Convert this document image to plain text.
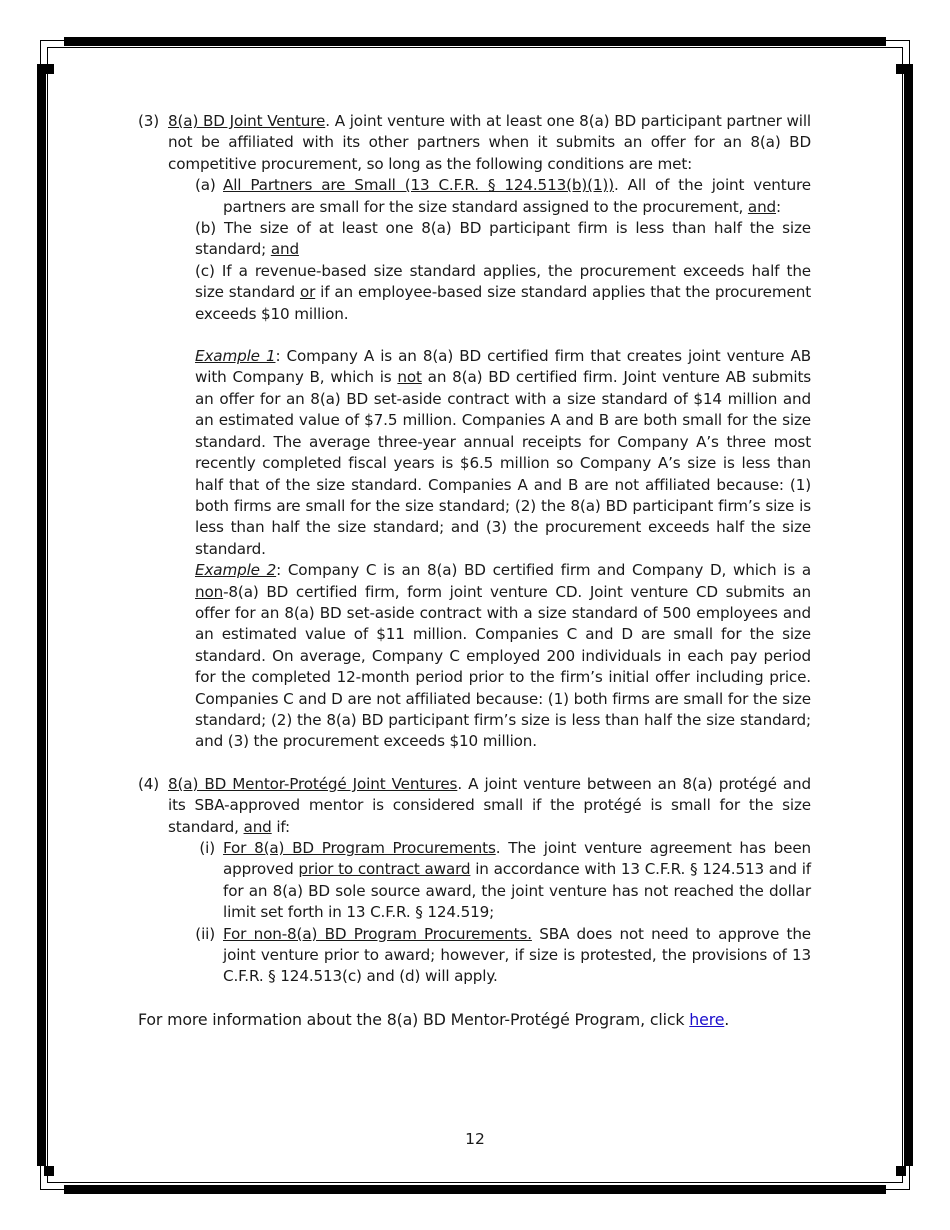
(3) 8(a) BD Joint Venture. A joint venture with at least one 8(a) BD participant partner will not be affiliated with its other partners when it submits an offer for an 8(a) BD competitive procurement, so long as the following conditions are met:
(a) All Partners are Small (13 C.F.R. § 124.513(b)(1)). All of the joint venture partners are small for the size standard assigned to the procurement, and:
(b) The size of at least one 8(a) BD participant firm is less than half the size standard; and
(c) If a revenue-based size standard applies, the procurement exceeds half the size standard or if an employee-based size standard applies that the procurement exceeds $10 million.
Example 1: Company A is an 8(a) BD certified firm that creates joint venture AB with Company B, which is not an 8(a) BD certified firm. Joint venture AB submits an offer for an 8(a) BD set-aside contract with a size standard of $14 million and an estimated value of $7.5 million. Companies A and B are both small for the size standard. The average three-year annual receipts for Company A’s three most recently completed fiscal years is $6.5 million so Company A’s size is less than half that of the size standard. Companies A and B are not affiliated because: (1) both firms are small for the size standard; (2) the 8(a) BD participant firm’s size is less than half the size standard; and (3) the procurement exceeds half the size standard.
Example 2: Company C is an 8(a) BD certified firm and Company D, which is a non-8(a) BD certified firm, form joint venture CD. Joint venture CD submits an offer for an 8(a) BD set-aside contract with a size standard of 500 employees and an estimated value of $11 million. Companies C and D are small for the size standard. On average, Company C employed 200 individuals in each pay period for the completed 12-month period prior to the firm’s initial offer including price. Companies C and D are not affiliated because: (1) both firms are small for the size standard; (2) the 8(a) BD participant firm’s size is less than half the size standard; and (3) the procurement exceeds $10 million.
(4) 8(a) BD Mentor-Protégé Joint Ventures. A joint venture between an 8(a) protégé and its SBA-approved mentor is considered small if the protégé is small for the size standard, and if:
(i) For 8(a) BD Program Procurements. The joint venture agreement has been approved prior to contract award in accordance with 13 C.F.R. § 124.513 and if for an 8(a) BD sole source award, the joint venture has not reached the dollar limit set forth in 13 C.F.R. § 124.519;
(ii) For non-8(a) BD Program Procurements. SBA does not need to approve the joint venture prior to award; however, if size is protested, the provisions of 13 C.F.R. § 124.513(c) and (d) will apply.
For more information about the 8(a) BD Mentor-Protégé Program, click here.
12
